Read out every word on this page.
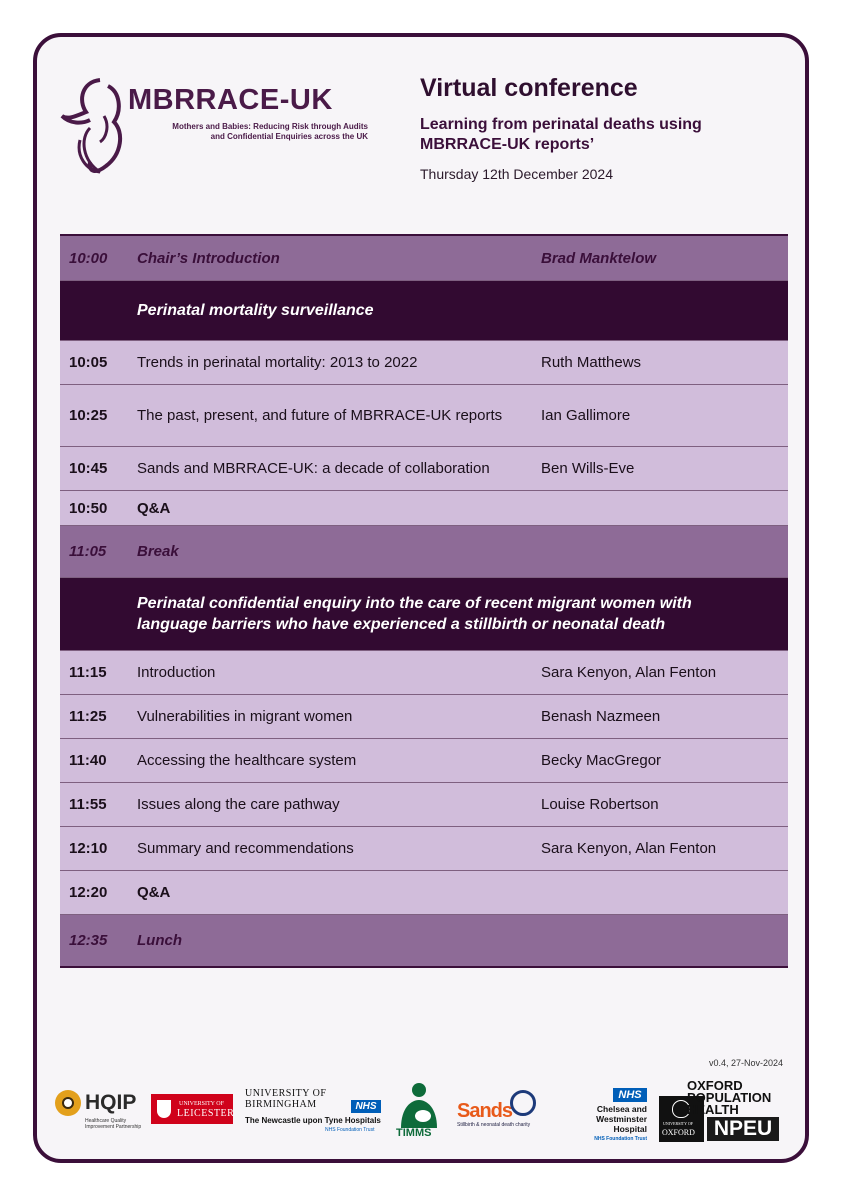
MBRRACE-UK
Mothers and Babies: Reducing Risk through Audits and Confidential Enquiries across the UK
Virtual conference
Learning from perinatal deaths using MBRRACE-UK reports’
Thursday 12th December 2024
10:00 Chair’s Introduction	Brad Manktelow
Perinatal mortality surveillance
10:05 Trends in perinatal mortality: 2013 to 2022	Ruth Matthews
10:25 The past, present, and future of MBRRACE-UK reports	Ian Gallimore
10:45 Sands and MBRRACE-UK: a decade of collaboration	Ben Wills-Eve
10:50 Q&A
11:05 Break
Perinatal confidential enquiry into the care of recent migrant women with language barriers who have experienced a stillbirth or neonatal death
11:15 Introduction	Sara Kenyon, Alan Fenton
11:25 Vulnerabilities in migrant women	Benash Nazmeen
11:40 Accessing the healthcare system	Becky MacGregor
11:55 Issues along the care pathway	Louise Robertson
12:10 Summary and recommendations	Sara Kenyon, Alan Fenton
12:20 Q&A
12:35 Lunch
v0.4, 27-Nov-2024
HQIP
Healthcare Quality Improvement Partnership
UNIVERSITY OF
LEICESTER
UNIVERSITY OF
BIRMINGHAM	NHS
The Newcastle upon Tyne Hospitals
NHS Foundation Trust TIMMS
Sands
Stillbirth & neonatal death charity
NHS
Chelsea and Westminster Hospital
NHS Foundation Trust
UNIVERSITY OF
OXFORD
OXFORD POPULATION HEALTH
NPEU
